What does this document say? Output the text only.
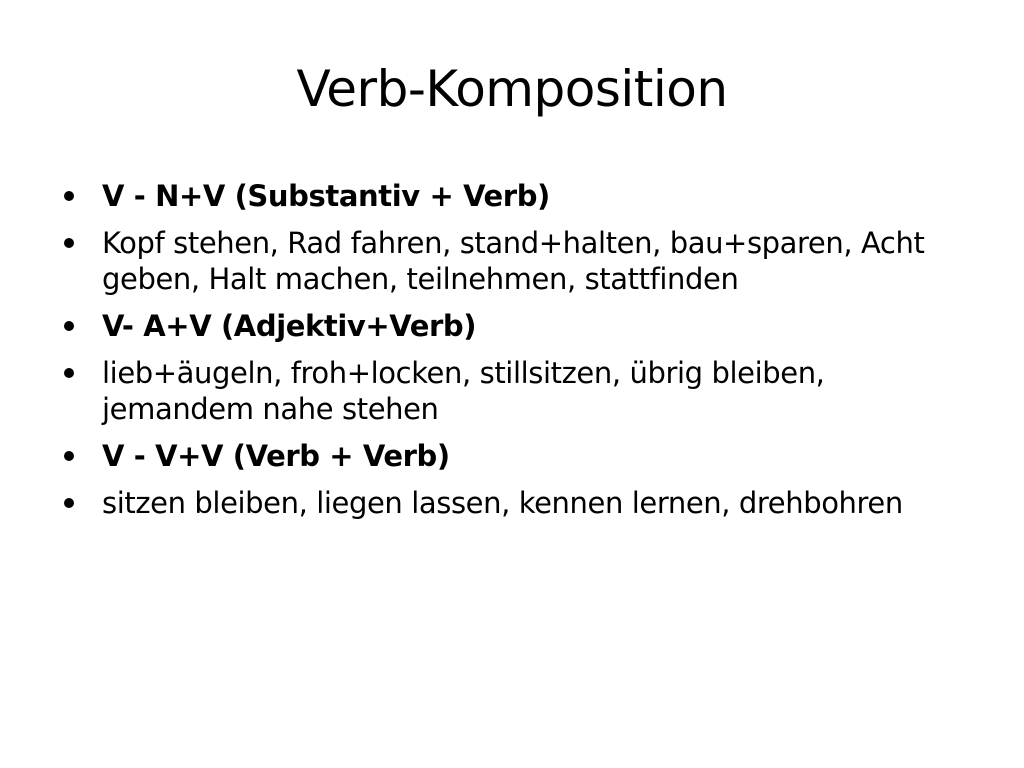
Verb-Komposition
V - N+V (Substantiv + Verb)
Kopf stehen, Rad fahren, stand+halten, bau+sparen, Acht geben, Halt machen, teilnehmen, stattfinden
V- A+V (Adjektiv+Verb)
lieb+äugeln, froh+locken, stillsitzen, übrig bleiben, jemandem nahe stehen
V - V+V (Verb + Verb)
sitzen bleiben, liegen lassen, kennen lernen, drehbohren
